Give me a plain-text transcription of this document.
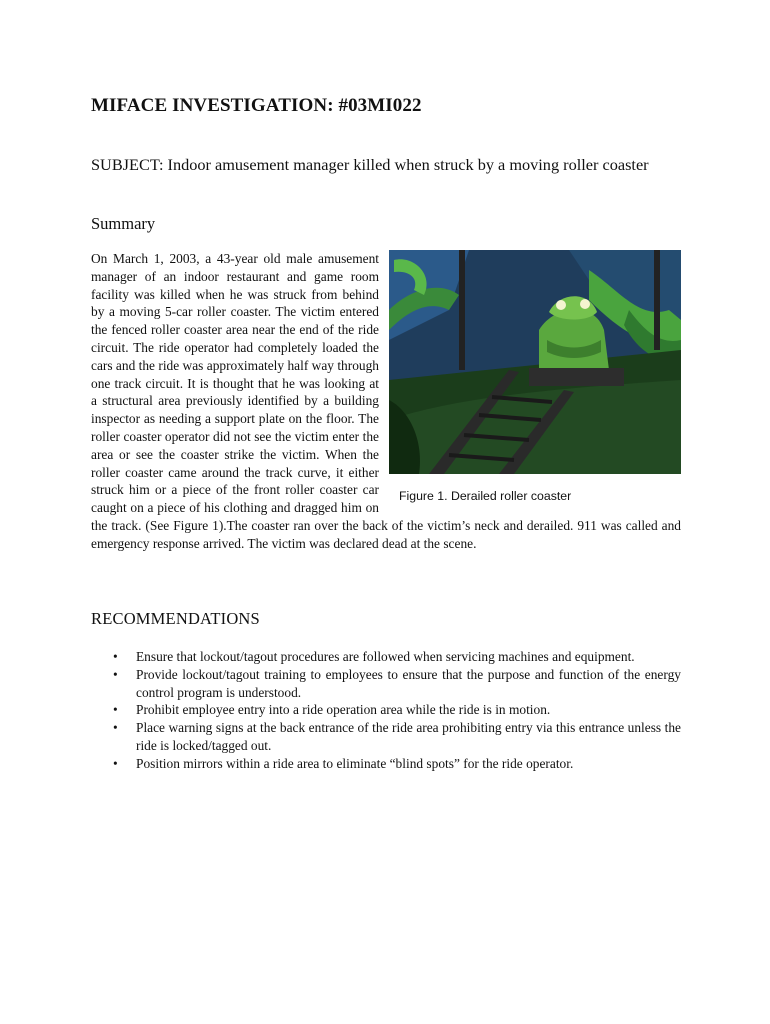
MIFACE INVESTIGATION: #03MI022

SUBJECT: Indoor amusement manager killed when struck by a moving roller coaster

Summary
Figure 1. Derailed roller coaster

On March 1, 2003, a 43-year old male amusement manager of an indoor restaurant and game room facility was killed when he was struck from behind by a moving 5-car roller coaster. The victim entered the fenced roller coaster area near the end of the ride circuit. The ride operator had completely loaded the cars and the ride was approximately half way through one track circuit. It is thought that he was looking at a structural area previously identified by a building inspector as needing a support plate on the floor. The roller coaster operator did not see the victim enter the area or see the coaster strike the victim. When the roller coaster came around the track curve, it either struck him or a piece of the front roller coaster car caught on a piece of his clothing and dragged him on the track. (See Figure 1).The coaster ran over the back of the victim’s neck and derailed. 911 was called and emergency response arrived. The victim was declared dead at the scene.

RECOMMENDATIONS
• Ensure that lockout/tagout procedures are followed when servicing machines and equipment.
• Provide lockout/tagout training to employees to ensure that the purpose and function of the energy control program is understood.
• Prohibit employee entry into a ride operation area while the ride is in motion.
• Place warning signs at the back entrance of the ride area prohibiting entry via this entrance unless the ride is locked/tagged out.
• Position mirrors within a ride area to eliminate “blind spots” for the ride operator.
